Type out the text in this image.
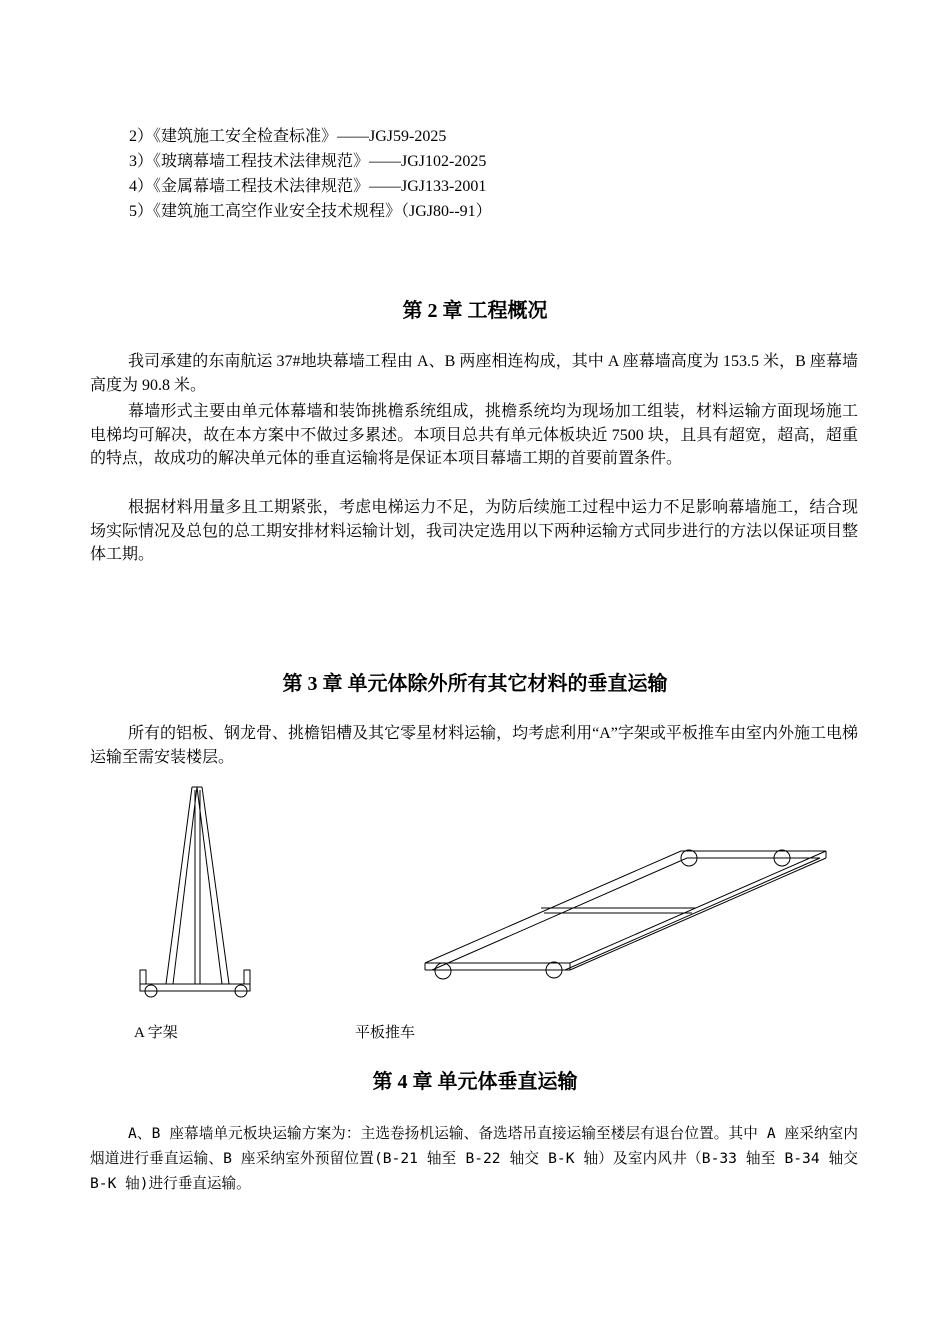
2）《建筑施工安全检查标准》——JGJ59-2025
3）《玻璃幕墙工程技术法律规范》——JGJ102-2025
4）《金属幕墙工程技术法律规范》——JGJ133-2001
5）《建筑施工高空作业安全技术规程》（JGJ80--91）
第 2 章 工程概况

我司承建的东南航运 37#地块幕墙工程由 A、B 两座相连构成，其中 A 座幕墙高度为 153.5 米，B 座幕墙高度为 90.8 米。

幕墙形式主要由单元体幕墙和装饰挑檐系统组成，挑檐系统均为现场加工组装，材料运输方面现场施工电梯均可解决，故在本方案中不做过多累述。本项目总共有单元体板块近 7500 块，且具有超宽，超高，超重的特点，故成功的解决单元体的垂直运输将是保证本项目幕墙工期的首要前置条件。

根据材料用量多且工期紧张，考虑电梯运力不足，为防后续施工过程中运力不足影响幕墙施工，结合现场实际情况及总包的总工期安排材料运输计划，我司决定选用以下两种运输方式同步进行的方法以保证项目整体工期。

第 3 章 单元体除外所有其它材料的垂直运输

所有的铝板、钢龙骨、挑檐铝槽及其它零星材料运输，均考虑利用“A”字架或平板推车由室内外施工电梯运输至需安装楼层。

A 字架	平板推车
第 4 章 单元体垂直运输

A、B 座幕墙单元板块运输方案为：主选卷扬机运输、备选塔吊直接运输至楼层有退台位置。其中 A 座采纳室内烟道进行垂直运输、B 座采纳室外预留位置(B-21 轴至 B-22 轴交 B-K 轴）及室内风井（B-33 轴至 B-34 轴交 B-K 轴)进行垂直运输。
